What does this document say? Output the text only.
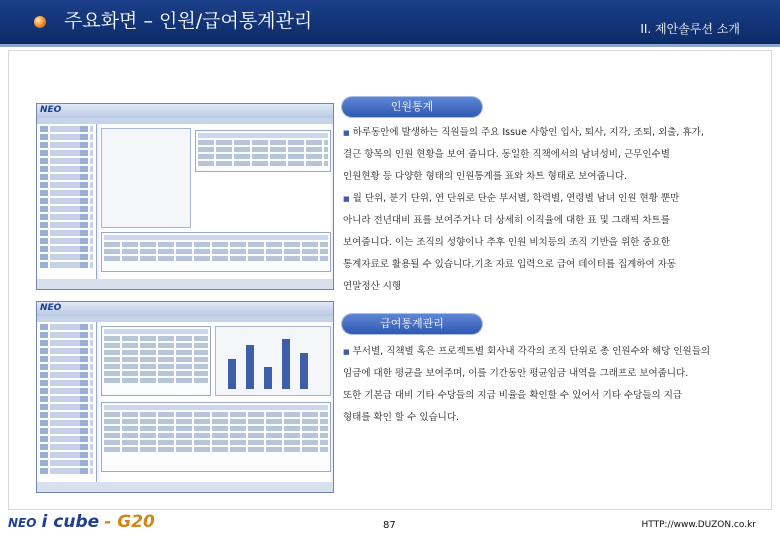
주요화면 – 인원/급여통계관리	II. 제안솔루션 소개
NEO	인원통계
■ 하루동안에 발생하는 직원들의 주요 Issue 사항인 입사, 퇴사, 지각, 조퇴, 외출, 휴가,
결근 항목의 인원 현황을 보여 줍니다. 동일한 직책에서의 남녀성비, 근무인수별
인원현황 등 다양한 형태의 인원통계를 표와 차트 형태로 보여줍니다.
■ 월 단위, 분기 단위, 연 단위로 단순 부서별, 학력별, 연령별 남녀 인원 현황 뿐만
아니라 전년대비 표를 보여주거나 더 상세히 이직율에 대한 표 및 그래픽 차트를
보여줍니다. 이는 조직의 성향이나 추후 인원 비치등의 조직 기반을 위한 중요한
통계자료로 활용될 수 있습니다.기초 자료 입력으로 급여 데이터를 집계하여 자동
연말정산 시행
NEO
급여통계관리
■ 부서별, 직책별 혹은 프로젝트별 회사내 각각의 조직 단위로 총 인원수와 해당 인원들의
임금에 대한 평균을 보여주며, 이를 기간동안 평균임금 내역을 그래프로 보여줍니다.
또한 기본급 대비 기타 수당들의 지급 비율을 확인할 수 있어서 기타 수당들의 지급
형태를 확인 할 수 있습니다.
NEO i cube - G20	87	HTTP://www.DUZON.co.kr
